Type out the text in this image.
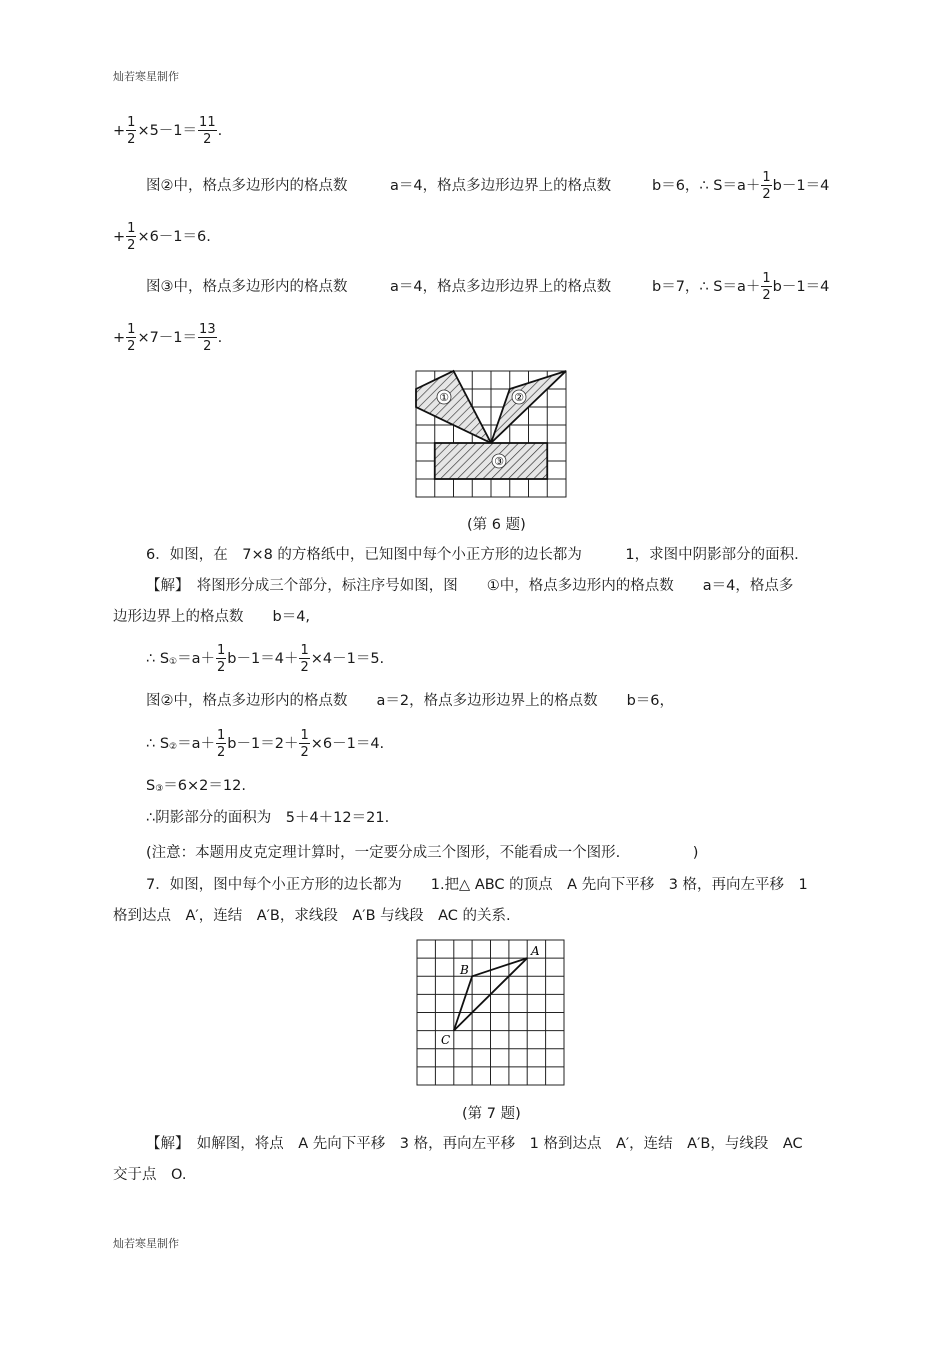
灿若寒星制作
+ $\frac{1}{2} \times 5-1= \frac{11}{2}$ .
图②中，格点多边形内的格点数	a＝4，格点多边形边界上的格点数	b＝6，∴ $S=a+ \frac{1}{2} b-1=4$
+ $\frac{1}{2} \times 6-1=6$.
图③中，格点多边形内的格点数	a＝4，格点多边形边界上的格点数	b＝7，∴ $S=a+ \frac{1}{2} b-1=4$
+ $\frac{1}{2} \times 7-1= \frac{13}{2}$ .
①	②
③
(第 6 题)
6．如图，在　7×8 的方格纸中，已知图中每个小正方形的边长都为　　　1，求图中阴影部分的面积.
【解】　将图形分成三个部分，标注序号如图，图　　①中，格点多边形内的格点数　　a＝4，格点多
边形边界上的格点数　　b＝4,
∴ S①＝a＋ $\frac{1}{2} b-1=4+ \frac{1}{2} \times 4-1=5$.
图②中，格点多边形内的格点数　　a＝2，格点多边形边界上的格点数　　b＝6，
∴ S②＝a＋ $\frac{1}{2} b-1=2+ \frac{1}{2} \times 6-1=4$.
S③＝6×2＝12.
∴阴影部分的面积为　5＋4＋12＝21.
(注意：本题用皮克定理计算时，一定要分成三个图形，不能看成一个图形.　　　　　)
7．如图，图中每个小正方形的边长都为　　1.把△ ABC 的顶点　A 先向下平移　3 格，再向左平移　1
格到达点　A′，连结　A′B，求线段　A′B 与线段　AC 的关系.
A
B
C
(第 7 题)
【解】　如解图，将点　A 先向下平移　3 格，再向左平移　1 格到达点　A′，连结　A′B，与线段　AC
交于点　O.
灿若寒星制作
